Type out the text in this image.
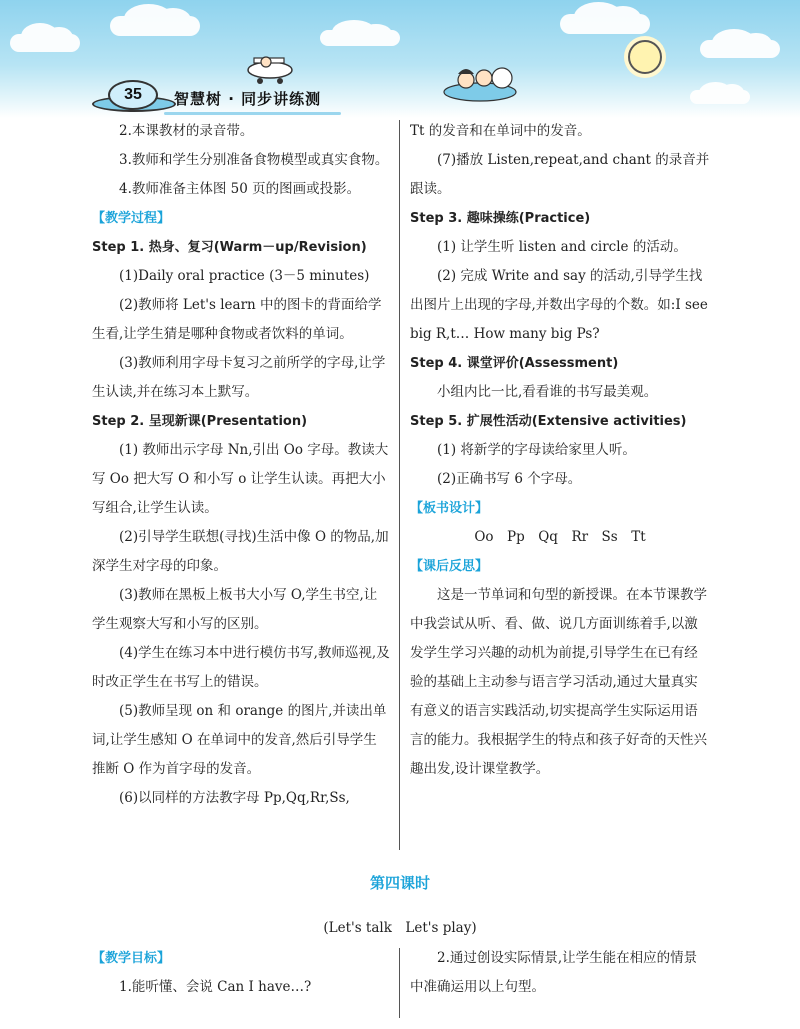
35	智慧树 · 同步讲练测

2.本课教材的录音带。

3.教师和学生分别准备食物模型或真实食物。

4.教师准备主体图 50 页的图画或投影。

【教学过程】

Step 1. 热身、复习(Warm－up/Revision)

(1)Daily oral practice (3－5 minutes)

(2)教师将 Let's learn 中的图卡的背面给学生看,让学生猜是哪种食物或者饮料的单词。

(3)教师利用字母卡复习之前所学的字母,让学生认读,并在练习本上默写。

Step 2. 呈现新课(Presentation)

(1) 教师出示字母 Nn,引出 Oo 字母。教读大写 Oo 把大写 O 和小写 o 让学生认读。再把大小写组合,让学生认读。

(2)引导学生联想(寻找)生活中像 O 的物品,加深学生对字母的印象。

(3)教师在黑板上板书大小写 O,学生书空,让学生观察大写和小写的区别。

(4)学生在练习本中进行模仿书写,教师巡视,及时改正学生在书写上的错误。

(5)教师呈现 on 和 orange 的图片,并读出单词,让学生感知 O 在单词中的发音,然后引导学生推断 O 作为首字母的发音。

(6)以同样的方法教字母 Pp,Qq,Rr,Ss,

Tt 的发音和在单词中的发音。

(7)播放 Listen,repeat,and chant 的录音并跟读。

Step 3. 趣味操练(Practice)

(1) 让学生听 listen and circle 的活动。

(2) 完成 Write and say 的活动,引导学生找出图片上出现的字母,并数出字母的个数。如:I see big R,t… How many big Ps?

Step 4. 课堂评价(Assessment)

小组内比一比,看看谁的书写最美观。

Step 5. 扩展性活动(Extensive activities)

(1) 将新学的字母读给家里人听。

(2)正确书写 6 个字母。

【板书设计】

Oo　Pp　Qq　Rr　Ss　Tt

【课后反思】

这是一节单词和句型的新授课。在本节课教学中我尝试从听、看、做、说几方面训练着手,以激发学生学习兴趣的动机为前提,引导学生在已有经验的基础上主动参与语言学习活动,通过大量真实有意义的语言实践活动,切实提高学生实际运用语言的能力。我根据学生的特点和孩子好奇的天性兴趣出发,设计课堂教学。

第四课时
(Let's talk　Let's play)

【教学目标】

1.能听懂、会说 Can I have…?

2.通过创设实际情景,让学生能在相应的情景中准确运用以上句型。
